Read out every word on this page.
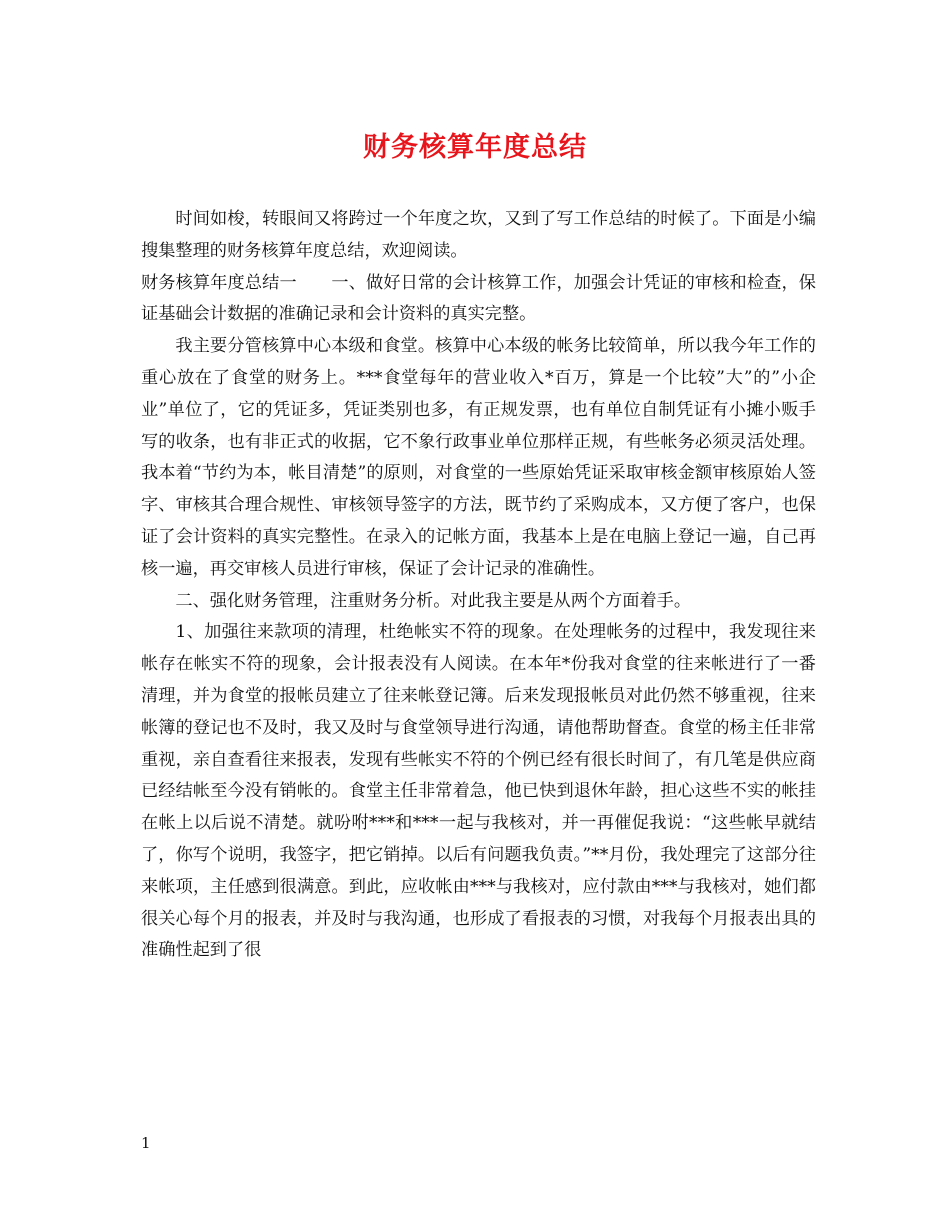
财务核算年度总结

时间如梭，转眼间又将跨过一个年度之坎，又到了写工作总结的时候了。下面是小编搜集整理的财务核算年度总结，欢迎阅读。

财务核算年度总结一　　一、做好日常的会计核算工作，加强会计凭证的审核和检查，保证基础会计数据的准确记录和会计资料的真实完整。

我主要分管核算中心本级和食堂。核算中心本级的帐务比较简单，所以我今年工作的重心放在了食堂的财务上。***食堂每年的营业收入*百万，算是一个比较”大”的”小企业”单位了，它的凭证多，凭证类别也多，有正规发票，也有单位自制凭证有小摊小贩手写的收条，也有非正式的收据，它不象行政事业单位那样正规，有些帐务必须灵活处理。我本着“节约为本，帐目清楚”的原则，对食堂的一些原始凭证采取审核金额审核原始人签字、审核其合理合规性、审核领导签字的方法，既节约了采购成本，又方便了客户，也保证了会计资料的真实完整性。在录入的记帐方面，我基本上是在电脑上登记一遍，自己再核一遍，再交审核人员进行审核，保证了会计记录的准确性。

二、强化财务管理，注重财务分析。对此我主要是从两个方面着手。

1、加强往来款项的清理，杜绝帐实不符的现象。在处理帐务的过程中，我发现往来帐存在帐实不符的现象，会计报表没有人阅读。在本年*份我对食堂的往来帐进行了一番清理，并为食堂的报帐员建立了往来帐登记簿。后来发现报帐员对此仍然不够重视，往来帐簿的登记也不及时，我又及时与食堂领导进行沟通，请他帮助督查。食堂的杨主任非常重视，亲自查看往来报表，发现有些帐实不符的个例已经有很长时间了，有几笔是供应商已经结帐至今没有销帐的。食堂主任非常着急，他已快到退休年龄，担心这些不实的帐挂在帐上以后说不清楚。就吩咐***和***一起与我核对，并一再催促我说：“这些帐早就结了，你写个说明，我签字，把它销掉。以后有问题我负责。”**月份，我处理完了这部分往来帐项，主任感到很满意。到此，应收帐由***与我核对，应付款由***与我核对，她们都很关心每个月的报表，并及时与我沟通，也形成了看报表的习惯，对我每个月报表出具的准确性起到了很

1
